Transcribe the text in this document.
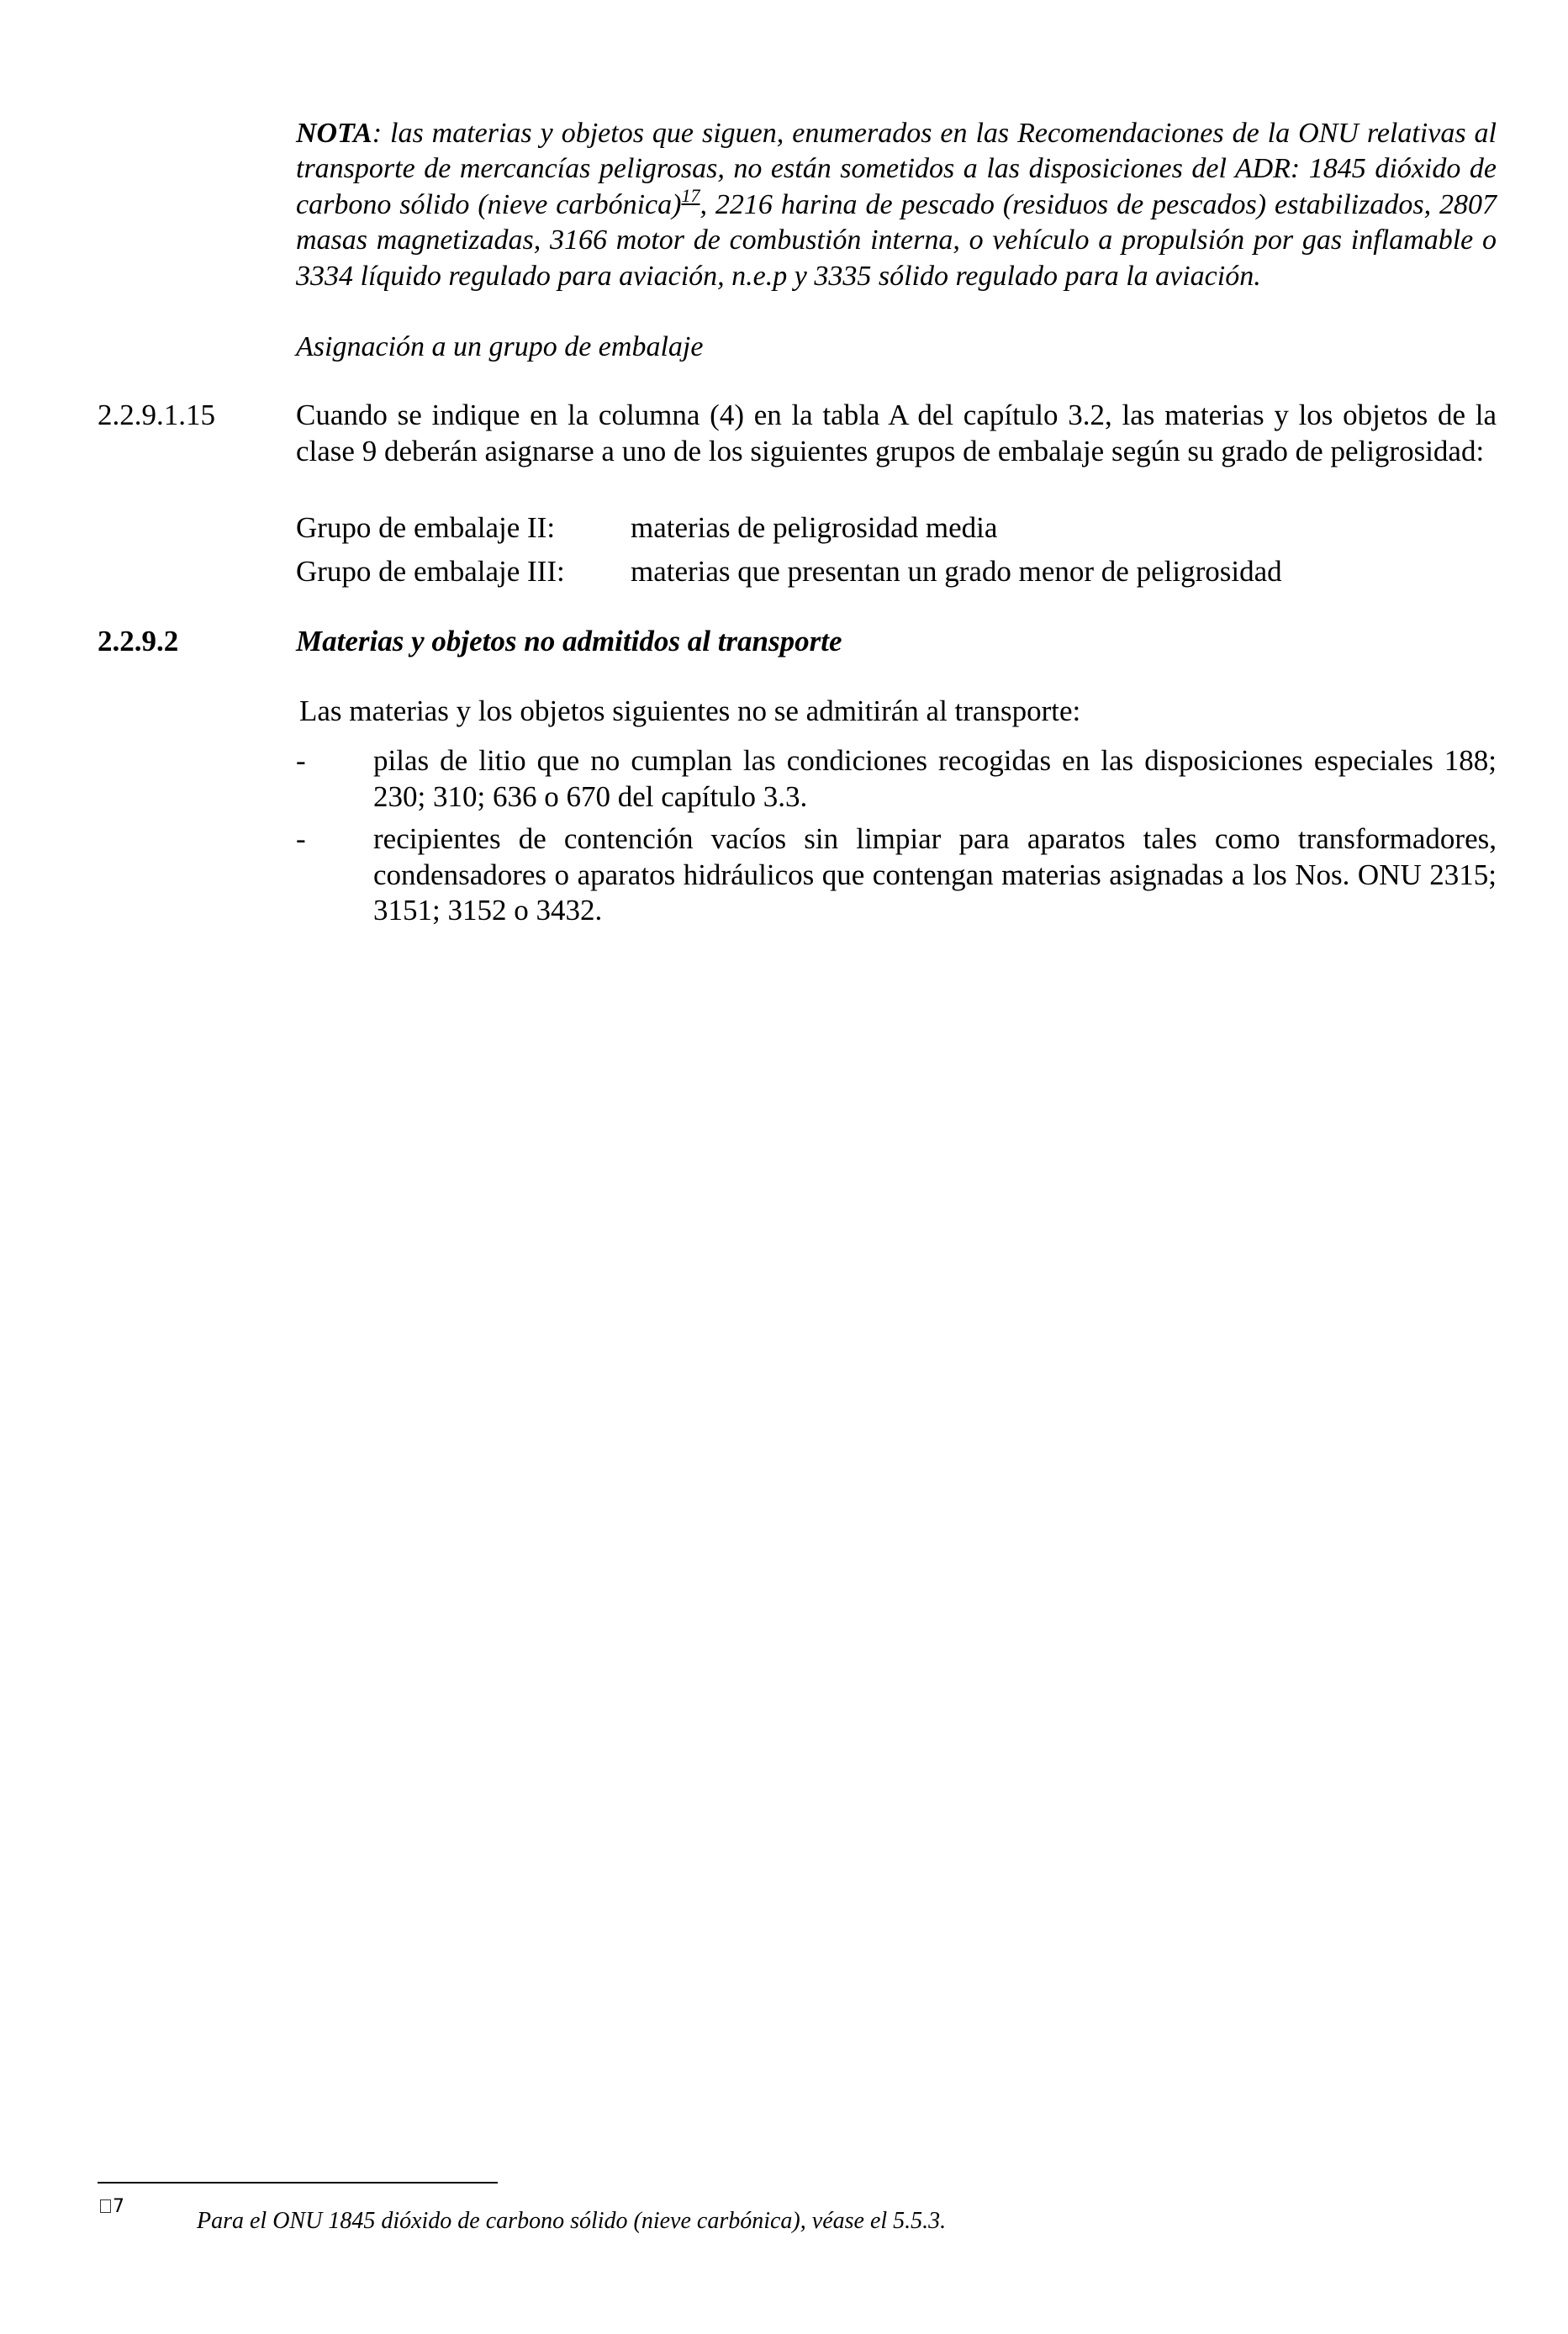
NOTA: las materias y objetos que siguen, enumerados en las Recomendaciones de la ONU relativas al transporte de mercancías peligrosas, no están sometidos a las disposiciones del ADR: 1845 dióxido de carbono sólido (nieve carbónica)$^{17}$, 2216 harina de pescado (residuos de pescados) estabilizados, 2807 masas magnetizadas, 3166 motor de combustión interna, o vehículo a propulsión por gas inflamable o 3334 líquido regulado para aviación, n.e.p y 3335 sólido regulado para la aviación.
Asignación a un grupo de embalaje
2.2.9.1.15	Cuando se indique en la columna (4) en la tabla A del capítulo 3.2, las materias y los objetos de la clase 9 deberán asignarse a uno de los siguientes grupos de embalaje según su grado de peligrosidad:
Grupo de embalaje II:	materias de peligrosidad media
Grupo de embalaje III: materias que presentan un grado menor de peligrosidad
2.2.9.2	Materias y objetos no admitidos al transporte
Las materias y los objetos siguientes no se admitirán al transporte:
- pilas de litio que no cumplan las condiciones recogidas en las disposiciones especiales 188; 230; 310; 636 o 670 del capítulo 3.3.
- recipientes de contención vacíos sin limpiar para aparatos tales como transformadores, condensadores o aparatos hidráulicos que contengan materias asignadas a los Nos. ONU 2315; 3151; 3152 o 3432.
7
Para el ONU 1845 dióxido de carbono sólido (nieve carbónica), véase el 5.5.3.
